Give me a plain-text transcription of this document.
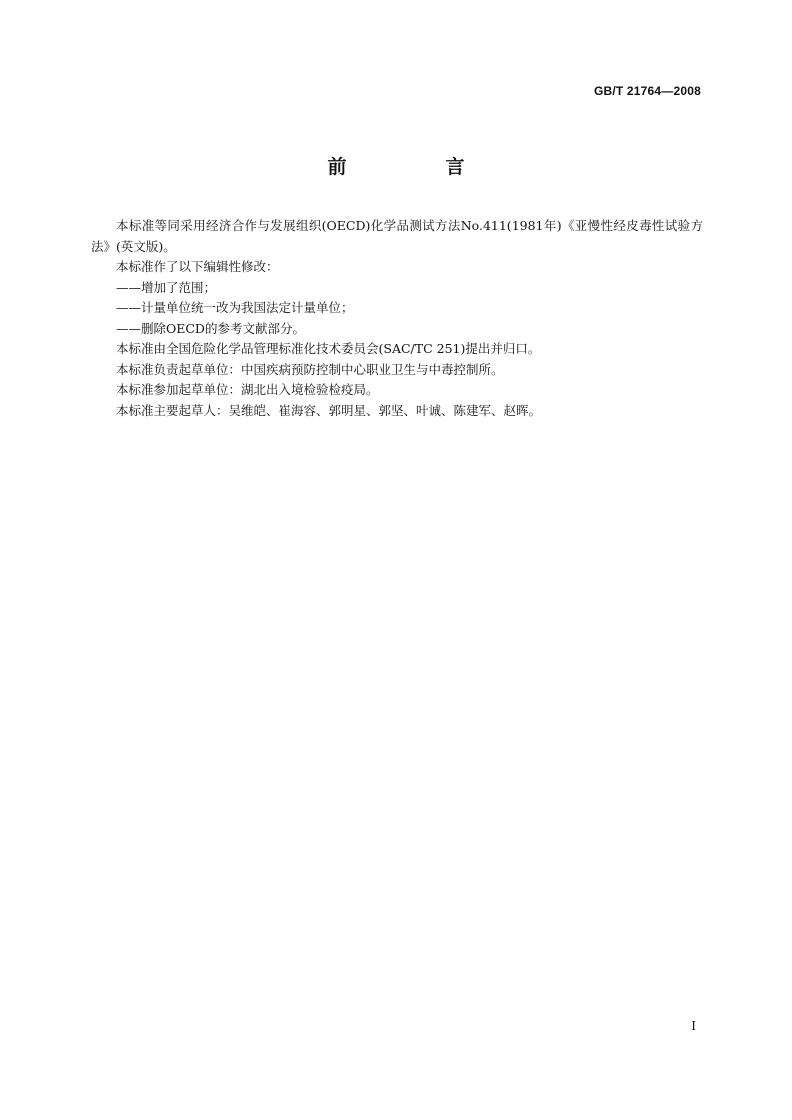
GB/T 21764—2008
前　言

本标准等同采用经济合作与发展组织(OECD)化学品测试方法No.411(1981年)《亚慢性经皮毒性试验方法》(英文版)。

本标准作了以下编辑性修改：

——增加了范围；

——计量单位统一改为我国法定计量单位；

——删除OECD的参考文献部分。

本标准由全国危险化学品管理标准化技术委员会(SAC/TC 251)提出并归口。

本标准负责起草单位：中国疾病预防控制中心职业卫生与中毒控制所。

本标准参加起草单位：湖北出入境检验检疫局。

本标准主要起草人：吴维皑、崔海容、郭明星、郭坚、叶诚、陈建军、赵晖。

I
